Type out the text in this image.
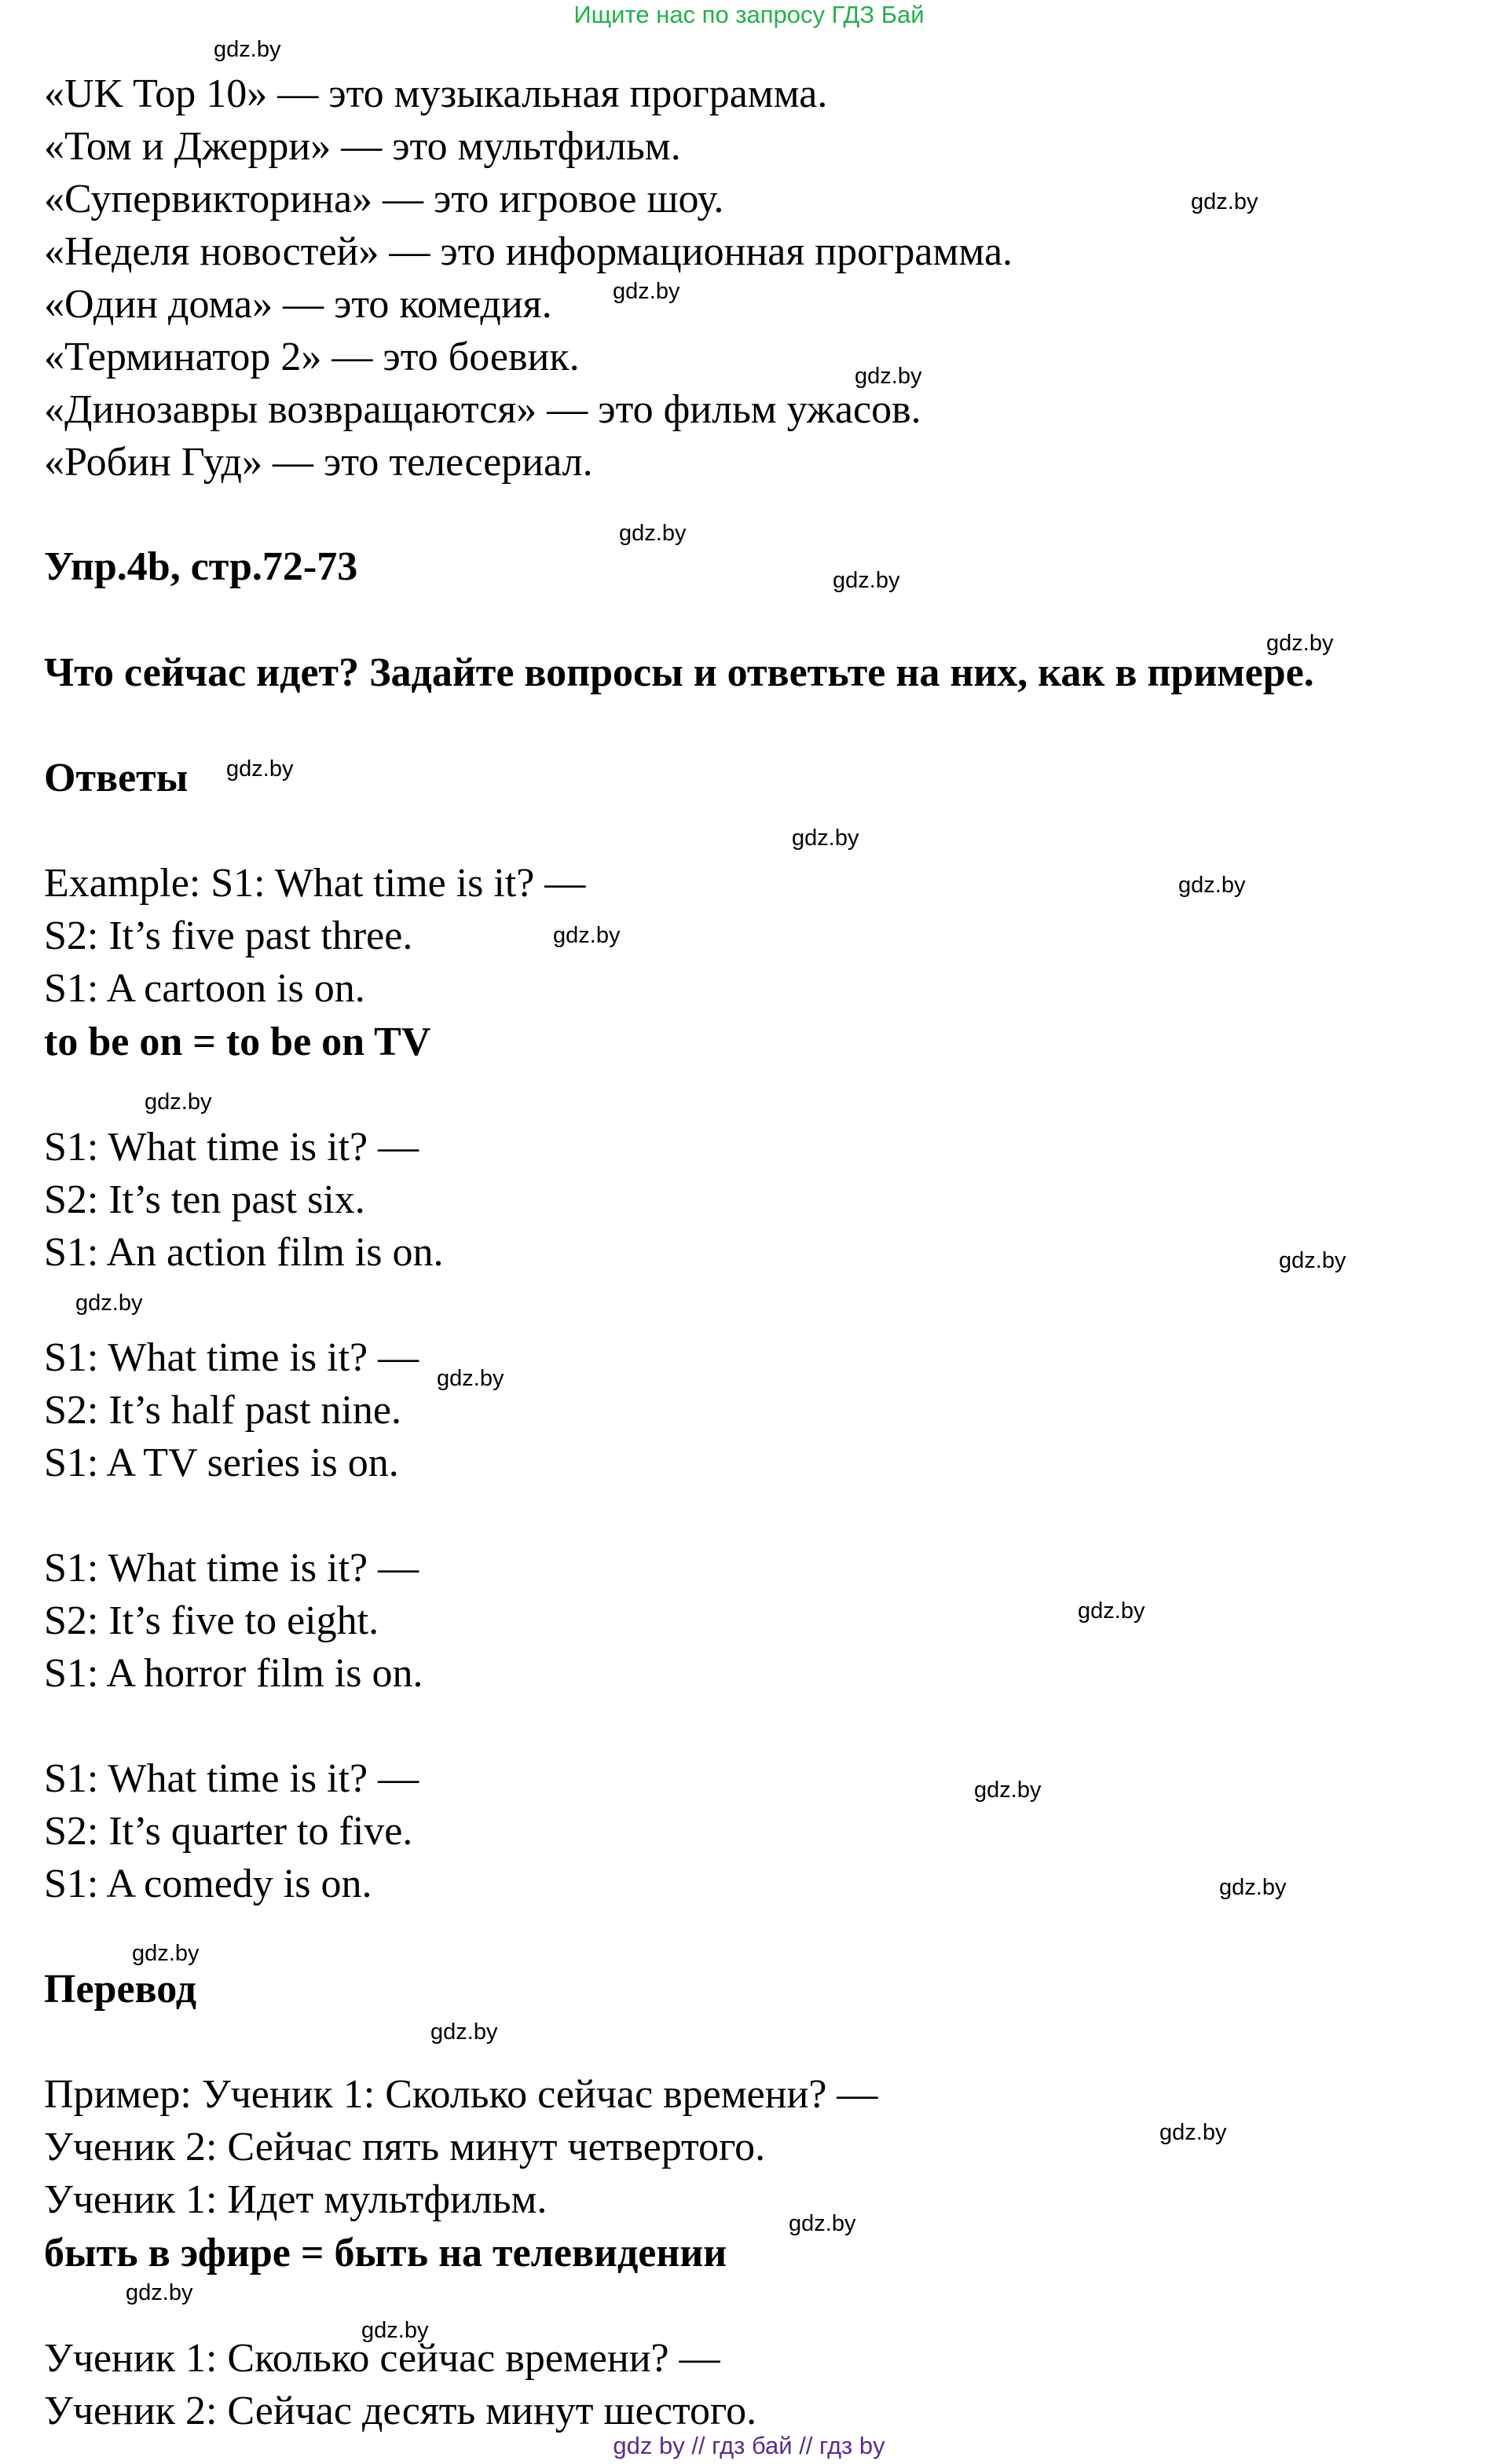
Ищите нас по запросу ГДЗ Бай
«UK Top 10» — это музыкальная программа.
«Том и Джерри» — это мультфильм.
«Супервикторина» — это игровое шоу.
«Неделя новостей» — это информационная программа.
«Один дома» — это комедия.
«Терминатор 2» — это боевик.
«Динозавры возвращаются» — это фильм ужасов.
«Робин Гуд» — это телесериал.
Упр.4b, стр.72-73
Что сейчас идет? Задайте вопросы и ответьте на них, как в примере.
Ответы
Example: S1: What time is it? —
S2: It’s five past three.
S1: A cartoon is on.
to be on = to be on TV
S1: What time is it? —
S2: It’s ten past six.
S1: An action film is on.
S1: What time is it? —
S2: It’s half past nine.
S1: A TV series is on.
S1: What time is it? —
S2: It’s five to eight.
S1: A horror film is on.
S1: What time is it? —
S2: It’s quarter to five.
S1: A comedy is on.
Перевод
Пример: Ученик 1: Сколько сейчас времени? —
Ученик 2: Сейчас пять минут четвертого.
Ученик 1: Идет мультфильм.
быть в эфире = быть на телевидении
Ученик 1: Сколько сейчас времени? —
Ученик 2: Сейчас десять минут шестого.
gdz.by
gdz.by
gdz.by
gdz.by
gdz.by
gdz.by
gdz.by
gdz.by
gdz.by
gdz.by
gdz.by
gdz.by
gdz.by
gdz.by
gdz.by
gdz.by
gdz.by
gdz.by
gdz.by
gdz.by
gdz.by
gdz.by
gdz.by
gdz.by
gdz by // гдз бай // гдз by
